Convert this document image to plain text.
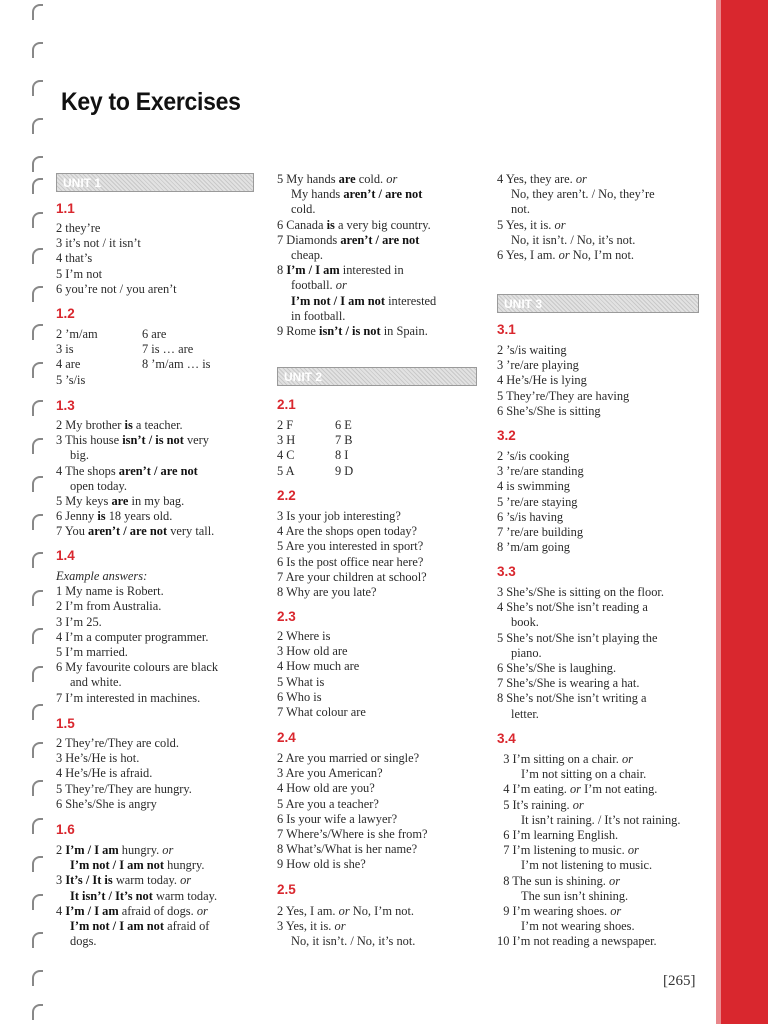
Key to Exercises
UNIT 1
1.1
2 they’re
3 it’s not / it isn’t
4 that’s
5 I’m not
6 you’re not / you aren’t
1.2
2 ’m/am	6 are
3 is	7 is … are
4 are	8 ’m/am … is
5 ’s/is
1.3
2 My brother is a teacher.
3 This house isn’t / is not very
big.
4 The shops aren’t / are not
open today.
5 My keys are in my bag.
6 Jenny is 18 years old.
7 You aren’t / are not very tall.
1.4
Example answers:
1 My name is Robert.
2 I’m from Australia.
3 I’m 25.
4 I’m a computer programmer.
5 I’m married.
6 My favourite colours are black
and white.
7 I’m interested in machines.
1.5
2 They’re/They are cold.
3 He’s/He is hot.
4 He’s/He is afraid.
5 They’re/They are hungry.
6 She’s/She is angry
1.6
2 I’m / I am hungry. or
I’m not / I am not hungry.
3 It’s / It is warm today. or
It isn’t / It’s not warm today.
4 I’m / I am afraid of dogs. or
I’m not / I am not afraid of
dogs.
5 My hands are cold. or
My hands aren’t / are not
cold.
6 Canada is a very big country.
7 Diamonds aren’t / are not
cheap.
8 I’m / I am interested in
football. or
I’m not / I am not interested
in football.
9 Rome isn’t / is not in Spain.
UNIT 2
2.1
2 F	6 E
3 H	7 B
4 C	8 I
5 A	9 D
2.2
3 Is your job interesting?
4 Are the shops open today?
5 Are you interested in sport?
6 Is the post office near here?
7 Are your children at school?
8 Why are you late?
2.3
2 Where is
3 How old are
4 How much are
5 What is
6 Who is
7 What colour are
2.4
2 Are you married or single?
3 Are you American?
4 How old are you?
5 Are you a teacher?
6 Is your wife a lawyer?
7 Where’s/Where is she from?
8 What’s/What is her name?
9 How old is she?
2.5
2 Yes, I am. or No, I’m not.
3 Yes, it is. or
No, it isn’t. / No, it’s not.
4 Yes, they are. or
No, they aren’t. / No, they’re
not.
5 Yes, it is. or
No, it isn’t. / No, it’s not.
6 Yes, I am. or No, I’m not.
UNIT 3
3.1
2 ’s/is waiting
3 ’re/are playing
4 He’s/He is lying
5 They’re/They are having
6 She’s/She is sitting
3.2
2 ’s/is cooking
3 ’re/are standing
4 is swimming
5 ’re/are staying
6 ’s/is having
7 ’re/are building
8 ’m/am going
3.3
3 She’s/She is sitting on the floor.
4 She’s not/She isn’t reading a
book.
5 She’s not/She isn’t playing the
piano.
6 She’s/She is laughing.
7 She’s/She is wearing a hat.
8 She’s not/She isn’t writing a
letter.
3.4
3 I’m sitting on a chair. or
I’m not sitting on a chair.
4 I’m eating. or I’m not eating.
5 It’s raining. or
It isn’t raining. / It’s not raining.
6 I’m learning English.
7 I’m listening to music. or
I’m not listening to music.
8 The sun is shining. or
The sun isn’t shining.
9 I’m wearing shoes. or
I’m not wearing shoes.
10 I’m not reading a newspaper.
[265]
